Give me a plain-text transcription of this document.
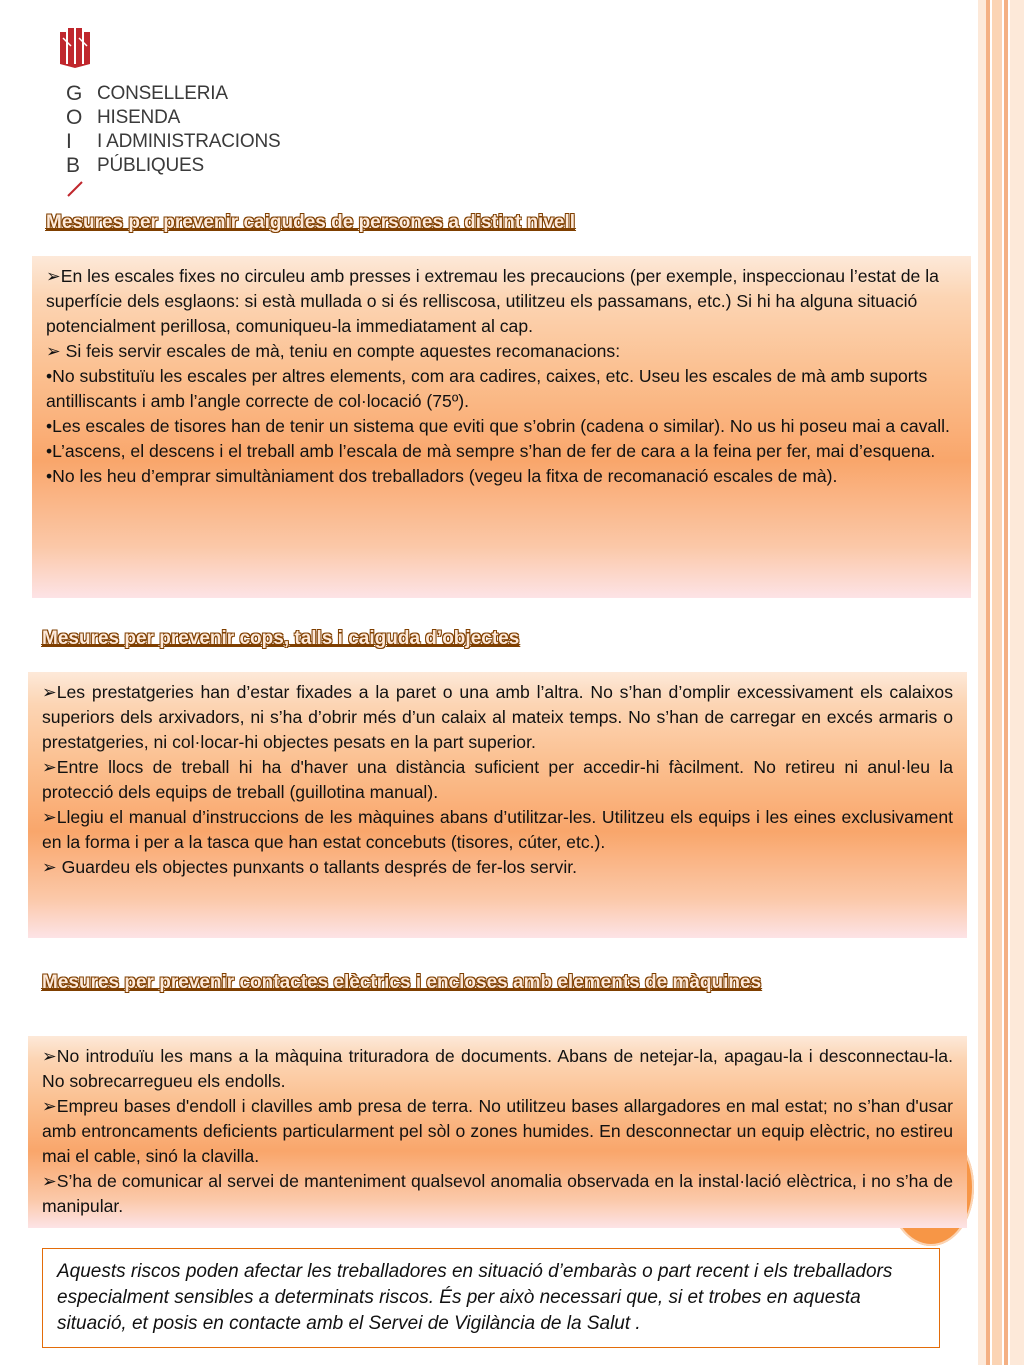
G
O
I
B
CONSELLERIA
HISENDA
I ADMINISTRACIONS
PÚBLIQUES
Mesures per prevenir caigudes de persones a distint nivell

➢En les escales fixes no circuleu amb presses i extremau les precaucions (per exemple, inspeccionau l’estat de la superfície dels esglaons: si està mullada o si és relliscosa, utilitzeu els passamans, etc.) Si hi ha alguna situació potencialment perillosa, comuniqueu-la immediatament al cap.

➢ Si feis servir escales de mà, teniu en compte aquestes recomanacions:

•No substituïu les escales per altres elements, com ara cadires, caixes, etc. Useu les escales de mà amb suports antilliscants i amb l’angle correcte de col·locació (75º).

•Les escales de tisores han de tenir un sistema que eviti que s’obrin (cadena o similar). No us hi poseu mai a cavall.

•L’ascens, el descens i el treball amb l’escala de mà sempre s’han de fer de cara a la feina per fer, mai d’esquena.

•No les heu d’emprar simultàniament dos treballadors (vegeu la fitxa de recomanació escales de mà).

Mesures per prevenir cops, talls i caiguda d’objectes

➢Les prestatgeries han d’estar fixades a la paret o una amb l’altra. No s’han d’omplir excessivament els calaixos superiors dels arxivadors, ni s’ha d’obrir més d’un calaix al mateix temps. No s’han de carregar en excés armaris o prestatgeries, ni col·locar-hi objectes pesats en la part superior.

➢Entre llocs de treball hi ha d'haver una distància suficient per accedir-hi fàcilment. No retireu ni anul·leu la protecció dels equips de treball (guillotina manual).

➢Llegiu el manual d’instruccions de les màquines abans d’utilitzar-les. Utilitzeu els equips i les eines exclusivament en la forma i per a la tasca que han estat concebuts (tisores, cúter, etc.).

➢ Guardeu els objectes punxants o tallants després de fer-los servir.

Mesures per prevenir contactes elèctrics i encloses amb elements de màquines

➢No introduïu les mans a la màquina trituradora de documents. Abans de netejar-la, apagau-la i desconnectau-la. No sobrecarregueu els endolls.

➢Empreu bases d'endoll i clavilles amb presa de terra. No utilitzeu bases allargadores en mal estat; no s’han d'usar amb entroncaments deficients particularment pel sòl o zones humides. En desconnectar un equip elèctric, no estireu mai el cable, sinó la clavilla.

➢S’ha de comunicar al servei de manteniment qualsevol anomalia observada en la instal·lació elèctrica, i no s’ha de manipular.

Aquests riscos poden afectar les treballadores en situació d’embaràs o part recent i els treballadors especialment sensibles a determinats riscos. És per això necessari que, si et trobes en aquesta situació, et posis en contacte amb el Servei de Vigilància de la Salut .
